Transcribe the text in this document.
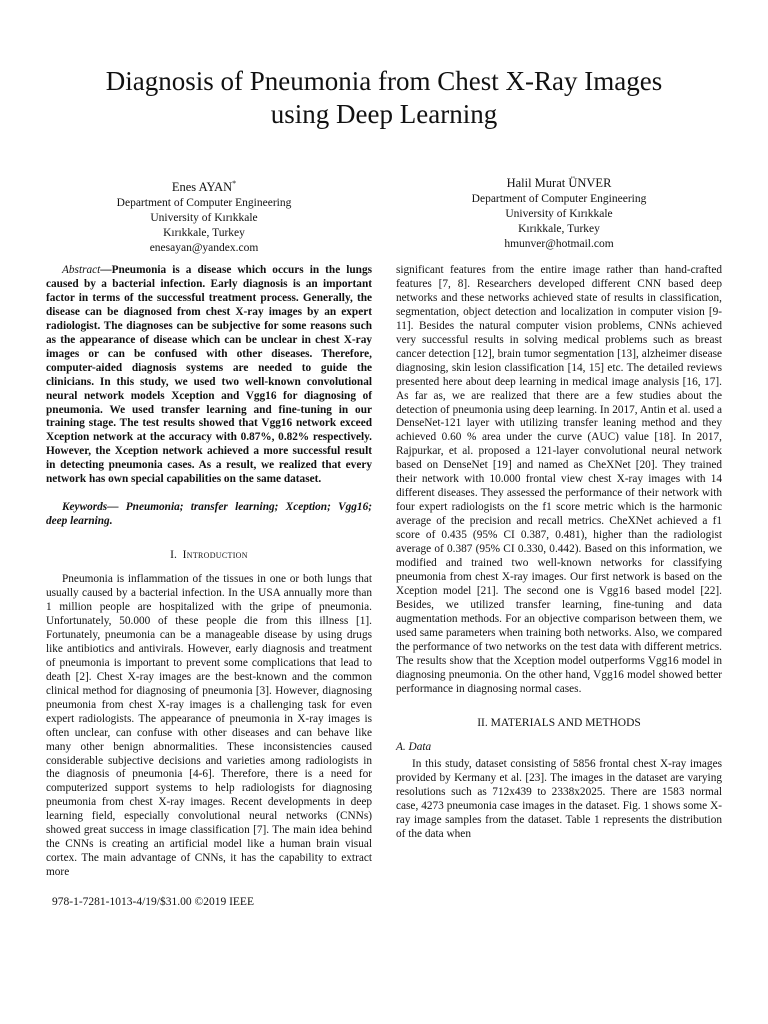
Diagnosis of Pneumonia from Chest X-Ray Images
using Deep Learning
Enes AYAN*
Department of Computer Engineering
University of Kırıkkale
Kırıkkale, Turkey
enesayan@yandex.com
Halil Murat ÜNVER
Department of Computer Engineering
University of Kırıkkale
Kırıkkale, Turkey
hmunver@hotmail.com

Abstract—Pneumonia is a disease which occurs in the lungs caused by a bacterial infection. Early diagnosis is an important factor in terms of the successful treatment process. Generally, the disease can be diagnosed from chest X-ray images by an expert radiologist. The diagnoses can be subjective for some reasons such as the appearance of disease which can be unclear in chest X-ray images or can be confused with other diseases. Therefore, computer-aided diagnosis systems are needed to guide the clinicians. In this study, we used two well-known convolutional neural network models Xception and Vgg16 for diagnosing of pneumonia. We used transfer learning and fine-tuning in our training stage. The test results showed that Vgg16 network exceed Xception network at the accuracy with 0.87%, 0.82% respectively. However, the Xception network achieved a more successful result in detecting pneumonia cases. As a result, we realized that every network has own special capabilities on the same dataset.

Keywords— Pneumonia; transfer learning; Xception; Vgg16; deep learning.

I. Introduction

Pneumonia is inflammation of the tissues in one or both lungs that usually caused by a bacterial infection. In the USA annually more than 1 million people are hospitalized with the gripe of pneumonia. Unfortunately, 50.000 of these people die from this illness [1]. Fortunately, pneumonia can be a manageable disease by using drugs like antibiotics and antivirals. However, early diagnosis and treatment of pneumonia is important to prevent some complications that lead to death [2]. Chest X-ray images are the best-known and the common clinical method for diagnosing of pneumonia [3]. However, diagnosing pneumonia from chest X-ray images is a challenging task for even expert radiologists. The appearance of pneumonia in X-ray images is often unclear, can confuse with other diseases and can behave like many other benign abnormalities. These inconsistencies caused considerable subjective decisions and varieties among radiologists in the diagnosis of pneumonia [4-6]. Therefore, there is a need for computerized support systems to help radiologists for diagnosing pneumonia from chest X-ray images. Recent developments in deep learning field, especially convolutional neural networks (CNNs) showed great success in image classification [7]. The main idea behind the CNNs is creating an artificial model like a human brain visual cortex. The main advantage of CNNs, it has the capability to extract more

significant features from the entire image rather than hand-crafted features [7, 8]. Researchers developed different CNN based deep networks and these networks achieved state of results in classification, segmentation, object detection and localization in computer vision [9-11]. Besides the natural computer vision problems, CNNs achieved very successful results in solving medical problems such as breast cancer detection [12], brain tumor segmentation [13], alzheimer disease diagnosing, skin lesion classification [14, 15] etc. The detailed reviews presented here about deep learning in medical image analysis [16, 17]. As far as, we are realized that there are a few studies about the detection of pneumonia using deep learning. In 2017, Antin et al. used a DenseNet-121 layer with utilizing transfer leaning method and they achieved 0.60 % area under the curve (AUC) value [18]. In 2017, Rajpurkar, et al. proposed a 121-layer convolutional neural network based on DenseNet [19] and named as CheXNet [20]. They trained their network with 10.000 frontal view chest X-ray images with 14 different diseases. They assessed the performance of their network with four expert radiologists on the f1 score metric which is the harmonic average of the precision and recall metrics. CheXNet achieved a f1 score of 0.435 (95% CI 0.387, 0.481), higher than the radiologist average of 0.387 (95% CI 0.330, 0.442). Based on this information, we modified and trained two well-known networks for classifying pneumonia from chest X-ray images. Our first network is based on the Xception model [21]. The second one is Vgg16 based model [22]. Besides, we utilized transfer learning, fine-tuning and data augmentation methods. For an objective comparison between them, we used same parameters when training both networks. Also, we compared the performance of two networks on the test data with different metrics. The results show that the Xception model outperforms Vgg16 model in diagnosing pneumonia. On the other hand, Vgg16 model showed better performance in diagnosing normal cases.

II. MATERIALS AND METHODS

A. Data

In this study, dataset consisting of 5856 frontal chest X-ray images provided by Kermany et al. [23]. The images in the dataset are varying resolutions such as 712x439 to 2338x2025. There are 1583 normal case, 4273 pneumonia case images in the dataset. Fig. 1 shows some X-ray image samples from the dataset. Table 1 represents the distribution of the data when

978-1-7281-1013-4/19/$31.00 ©2019 IEEE
